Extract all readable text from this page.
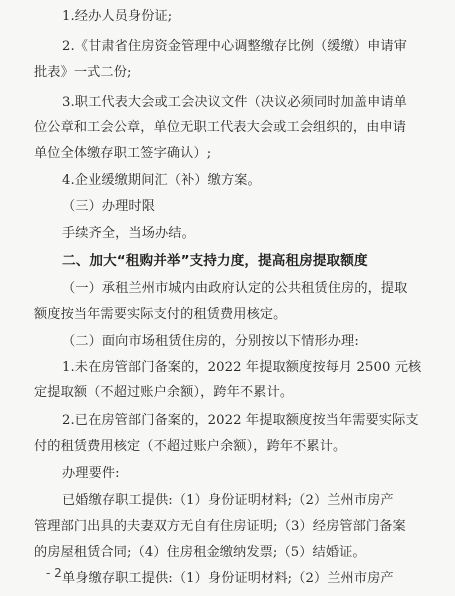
1.经办人员身份证;
2.《甘肃省住房资金管理中心调整缴存比例（缓缴）申请审
批表》一式二份;
3.职工代表大会或工会决议文件（决议必须同时加盖申请单
位公章和工会公章，单位无职工代表大会或工会组织的，由申请
单位全体缴存职工签字确认）;
4.企业缓缴期间汇（补）缴方案。
（三）办理时限
手续齐全，当场办结。
二、加大“租购并举”支持力度，提高租房提取额度
（一）承租兰州市城内由政府认定的公共租赁住房的，提取
额度按当年需要实际支付的租赁费用核定。
（二）面向市场租赁住房的，分别按以下情形办理:
1.未在房管部门备案的，2022 年提取额度按每月 2500 元核
定提取额（不超过账户余额），跨年不累计。
2.已在房管部门备案的，2022 年提取额度按当年需要实际支
付的租赁费用核定（不超过账户余额），跨年不累计。
办理要件:
已婚缴存职工提供:（1）身份证明材料;（2）兰州市房产
管理部门出具的夫妻双方无自有住房证明;（3）经房管部门备案
的房屋租赁合同;（4）住房租金缴纳发票;（5）结婚证。
单身缴存职工提供:（1）身份证明材料;（2）兰州市房产
- 2 -
